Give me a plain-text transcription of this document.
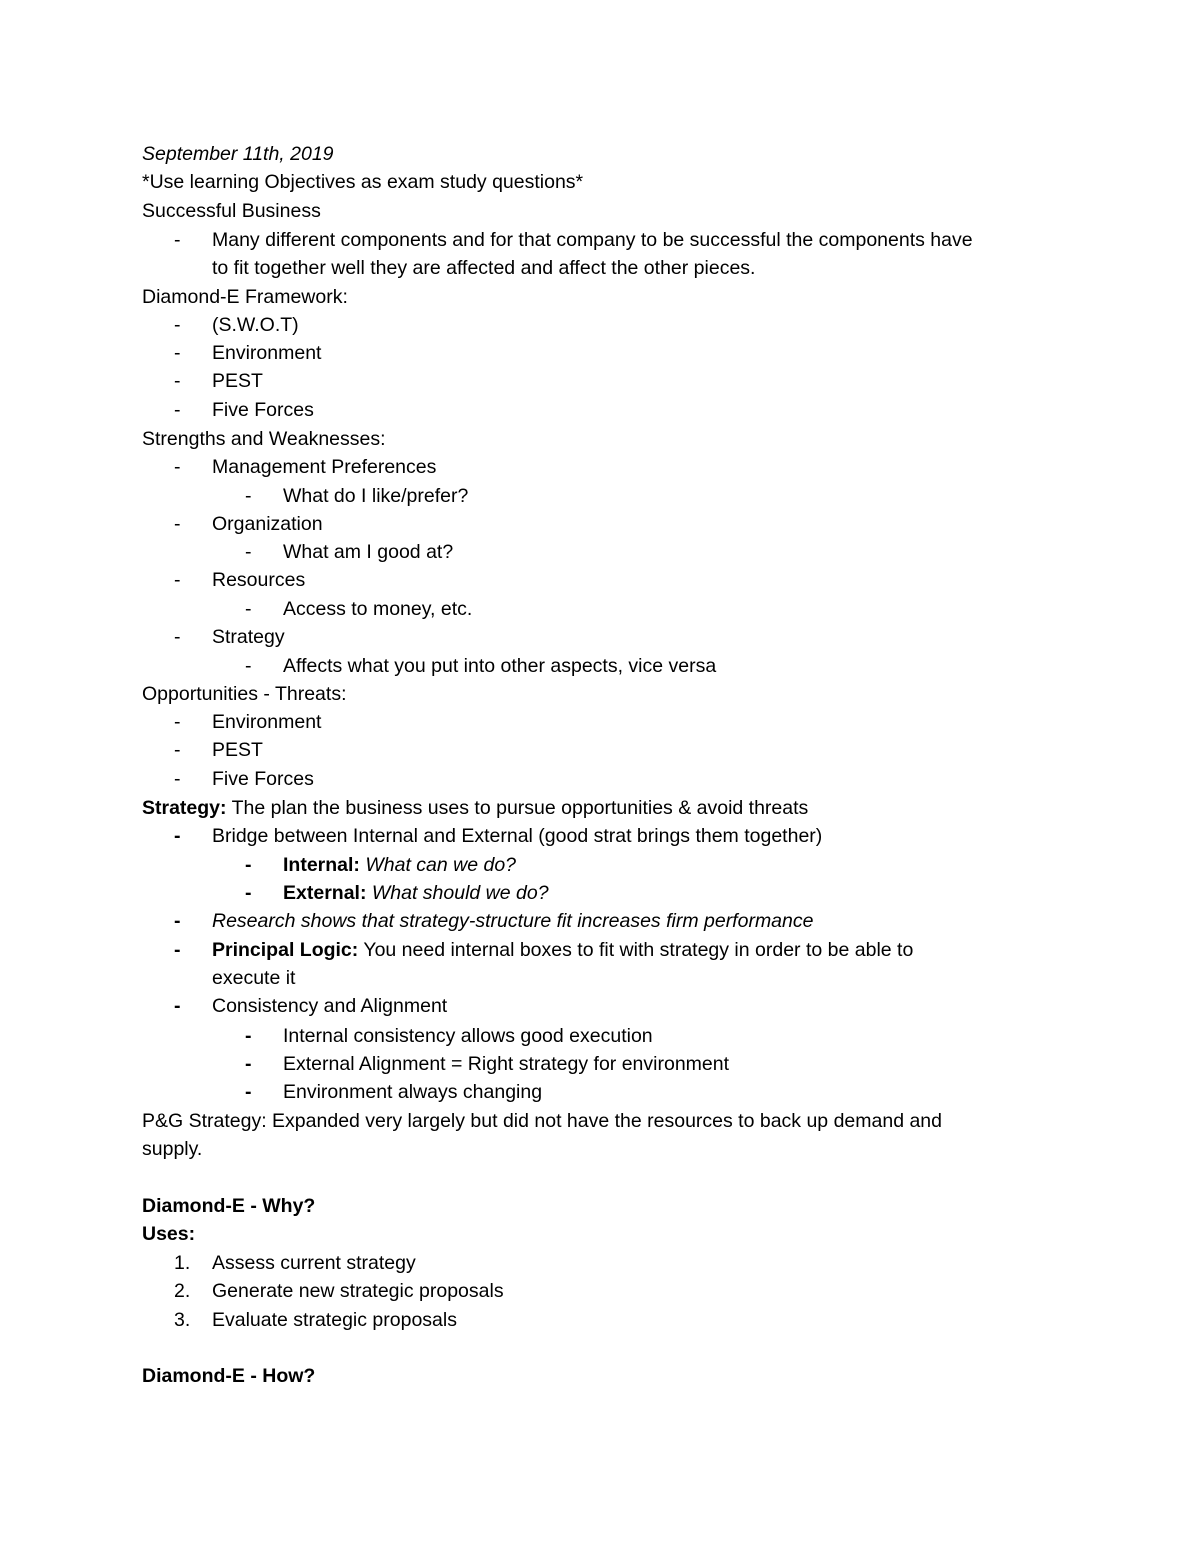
September 11th, 2019
*Use learning Objectives as exam study questions*
Successful Business
- Many different components and for that company to be successful the components have
to fit together well they are affected and affect the other pieces.
Diamond-E Framework:
- (S.W.O.T)
- Environment
- PEST
- Five Forces
Strengths and Weaknesses:
- Management Preferences
- What do I like/prefer?
- Organization
- What am I good at?
- Resources
- Access to money, etc.
- Strategy
- Affects what you put into other aspects, vice versa
Opportunities - Threats:
- Environment
- PEST
- Five Forces
Strategy: The plan the business uses to pursue opportunities & avoid threats
- Bridge between Internal and External (good strat brings them together)
- Internal: What can we do?
- External: What should we do?
- Research shows that strategy-structure fit increases firm performance
- Principal Logic: You need internal boxes to fit with strategy in order to be able to
execute it
- Consistency and Alignment
- Internal consistency allows good execution
- External Alignment = Right strategy for environment
- Environment always changing
P&G Strategy: Expanded very largely but did not have the resources to back up demand and
supply.
Diamond-E - Why?
Uses:
1. Assess current strategy
2. Generate new strategic proposals
3. Evaluate strategic proposals
Diamond-E - How?
